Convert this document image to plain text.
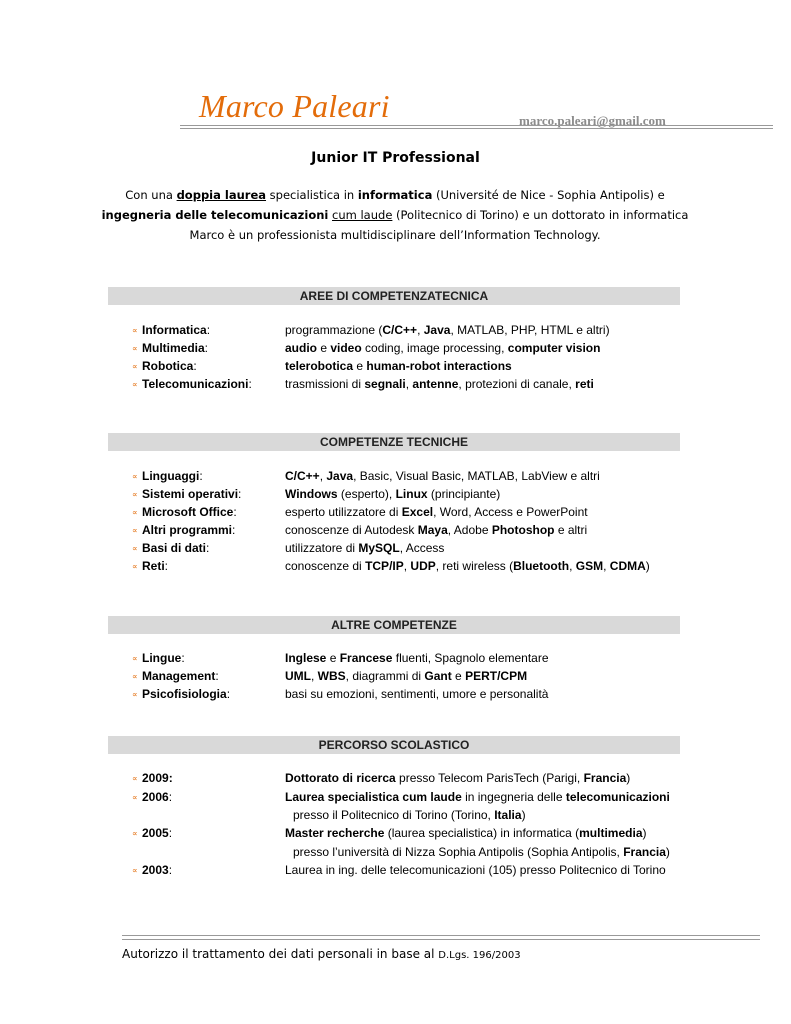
Marco Paleari	marco.paleari@gmail.com
Junior IT Professional
Con una doppia laurea specialistica in informatica (Université de Nice - Sophia Antipolis) e
ingegneria delle telecomunicazioni cum laude (Politecnico di Torino) e un dottorato in informatica
Marco è un professionista multidisciplinare dell’Information Technology.
AREE DI COMPETENZATECNICA
∝ Informatica:	programmazione (C/C++, Java, MATLAB, PHP, HTML e altri)
∝ Multimedia:	audio e video coding, image processing, computer vision
∝ Robotica:	telerobotica e human-robot interactions
∝ Telecomunicazioni:	trasmissioni di segnali, antenne, protezioni di canale, reti
COMPETENZE TECNICHE
∝ Linguaggi:	C/C++, Java, Basic, Visual Basic, MATLAB, LabView e altri
∝ Sistemi operativi:	Windows (esperto), Linux (principiante)
∝ Microsoft Office:	esperto utilizzatore di Excel, Word, Access e PowerPoint
∝ Altri programmi:	conoscenze di Autodesk Maya, Adobe Photoshop e altri
∝ Basi di dati:	utilizzatore di MySQL, Access
∝ Reti:	conoscenze di TCP/IP, UDP, reti wireless (Bluetooth, GSM, CDMA)
ALTRE COMPETENZE
∝ Lingue:	Inglese e Francese fluenti, Spagnolo elementare
∝ Management:	UML, WBS, diagrammi di Gant e PERT/CPM
∝ Psicofisiologia:	basi su emozioni, sentimenti, umore e personalità
PERCORSO SCOLASTICO
∝ 2009:	Dottorato di ricerca presso Telecom ParisTech (Parigi, Francia)
∝ 2006:	Laurea specialistica cum laude in ingegneria delle telecomunicazioni
presso il Politecnico di Torino (Torino, Italia)
∝ 2005:	Master recherche (laurea specialistica) in informatica (multimedia)
presso l’università di Nizza Sophia Antipolis (Sophia Antipolis, Francia)
∝ 2003:	Laurea in ing. delle telecomunicazioni (105) presso Politecnico di Torino
Autorizzo il trattamento dei dati personali in base al D.Lgs. 196/2003
